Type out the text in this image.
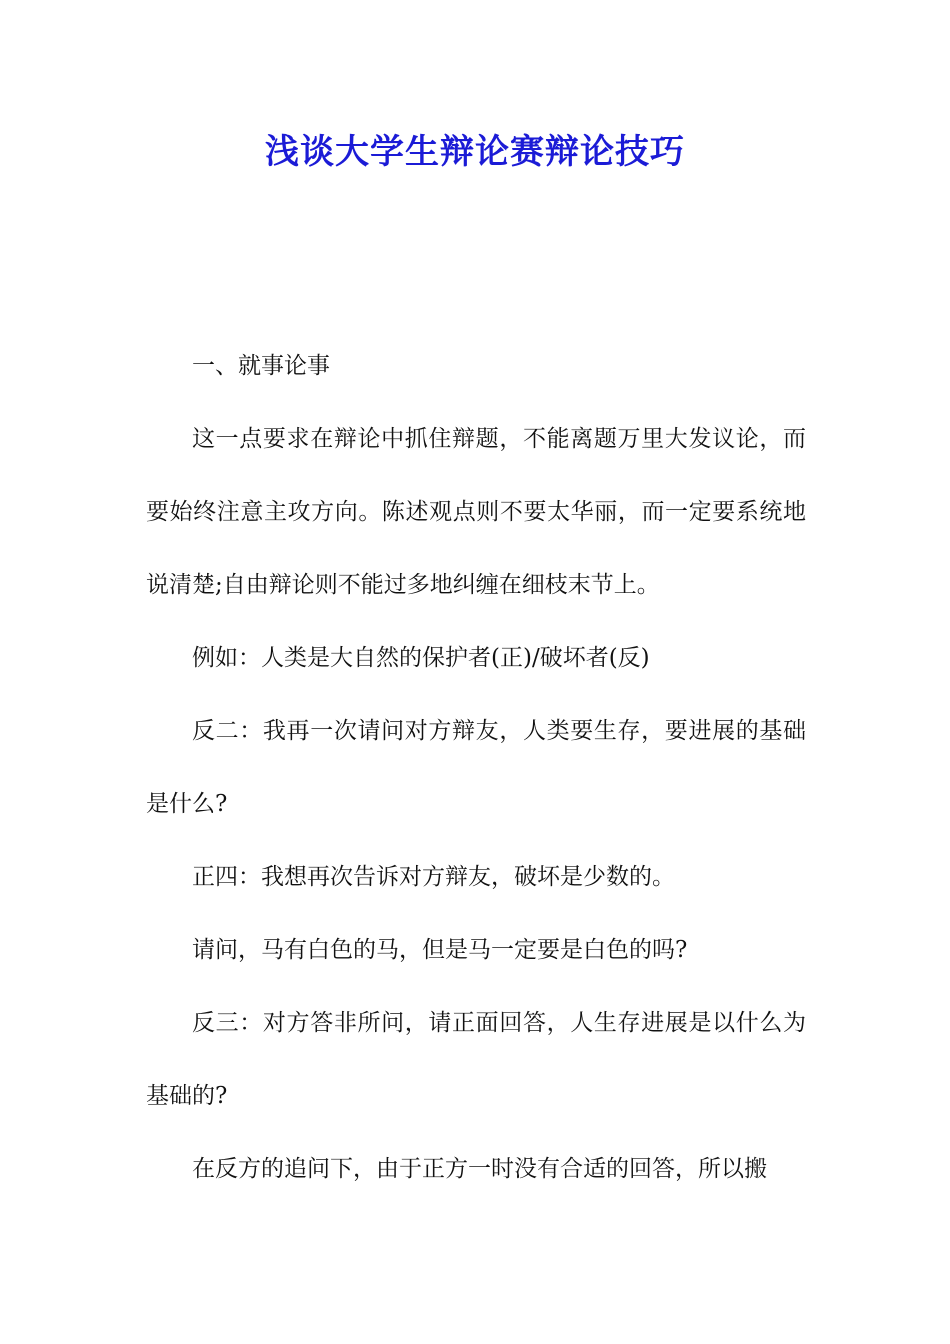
浅谈大学生辩论赛辩论技巧

一、就事论事

这一点要求在辩论中抓住辩题，不能离题万里大发议论，而要始终注意主攻方向。陈述观点则不要太华丽，而一定要系统地说清楚;自由辩论则不能过多地纠缠在细枝末节上。

例如：人类是大自然的保护者(正)/破坏者(反)

反二：我再一次请问对方辩友，人类要生存，要进展的基础是什么?

正四：我想再次告诉对方辩友，破坏是少数的。

请问，马有白色的马，但是马一定要是白色的吗?

反三：对方答非所问，请正面回答，人生存进展是以什么为基础的?

在反方的追问下，由于正方一时没有合适的回答，所以搬
